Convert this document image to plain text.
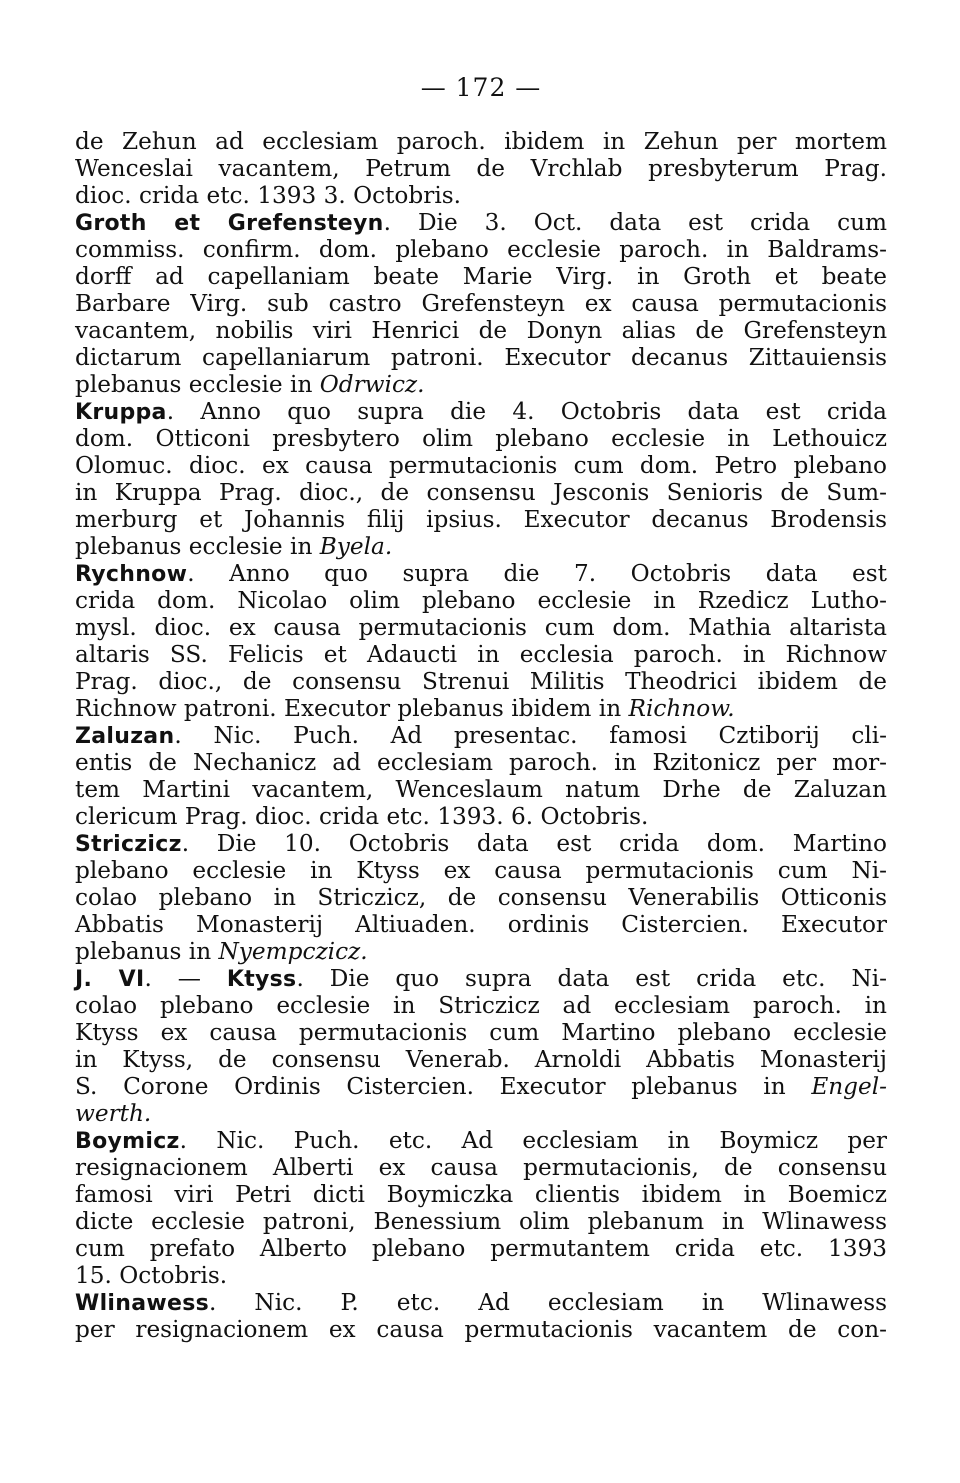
— 172 —
de Zehun ad ecclesiam paroch. ibidem in Zehun per mortem
Wenceslai vacantem, Petrum de Vrchlab presbyterum Prag.
dioc. crida etc. 1393 3. Octobris.
Groth et Grefensteyn. Die 3. Oct. data est crida cum
commiss. confirm. dom. plebano ecclesie paroch. in Baldrams-
dorff ad capellaniam beate Marie Virg. in Groth et beate
Barbare Virg. sub castro Grefensteyn ex causa permutacionis
vacantem, nobilis viri Henrici de Donyn alias de Grefensteyn
dictarum capellaniarum patroni. Executor decanus Zittauiensis
plebanus ecclesie in Odrwicz.
Kruppa. Anno quo supra die 4. Octobris data est crida
dom. Otticoni presbytero olim plebano ecclesie in Lethouicz
Olomuc. dioc. ex causa permutacionis cum dom. Petro plebano
in Kruppa Prag. dioc., de consensu Jesconis Senioris de Sum-
merburg et Johannis filij ipsius. Executor decanus Brodensis
plebanus ecclesie in Byela.
Rychnow. Anno quo supra die 7. Octobris data est
crida dom. Nicolao olim plebano ecclesie in Rzedicz Lutho-
mysl. dioc. ex causa permutacionis cum dom. Mathia altarista
altaris SS. Felicis et Adaucti in ecclesia paroch. in Richnow
Prag. dioc., de consensu Strenui Militis Theodrici ibidem de
Richnow patroni. Executor plebanus ibidem in Richnow.
Zaluzan. Nic. Puch. Ad presentac. famosi Cztiborij cli-
entis de Nechanicz ad ecclesiam paroch. in Rzitonicz per mor-
tem Martini vacantem, Wenceslaum natum Drhe de Zaluzan
clericum Prag. dioc. crida etc. 1393. 6. Octobris.
Striczicz. Die 10. Octobris data est crida dom. Martino
plebano ecclesie in Ktyss ex causa permutacionis cum Ni-
colao plebano in Striczicz, de consensu Venerabilis Otticonis
Abbatis Monasterij Altiuaden. ordinis Cistercien. Executor
plebanus in Nyempczicz.
J. VI. — Ktyss. Die quo supra data est crida etc. Ni-
colao plebano ecclesie in Striczicz ad ecclesiam paroch. in
Ktyss ex causa permutacionis cum Martino plebano ecclesie
in Ktyss, de consensu Venerab. Arnoldi Abbatis Monasterij
S. Corone Ordinis Cistercien. Executor plebanus in Engel-
werth.
Boymicz. Nic. Puch. etc. Ad ecclesiam in Boymicz per
resignacionem Alberti ex causa permutacionis, de consensu
famosi viri Petri dicti Boymiczka clientis ibidem in Boemicz
dicte ecclesie patroni, Benessium olim plebanum in Wlinawess
cum prefato Alberto plebano permutantem crida etc. 1393
15. Octobris.
Wlinawess. Nic. P. etc. Ad ecclesiam in Wlinawess
per resignacionem ex causa permutacionis vacantem de con-
